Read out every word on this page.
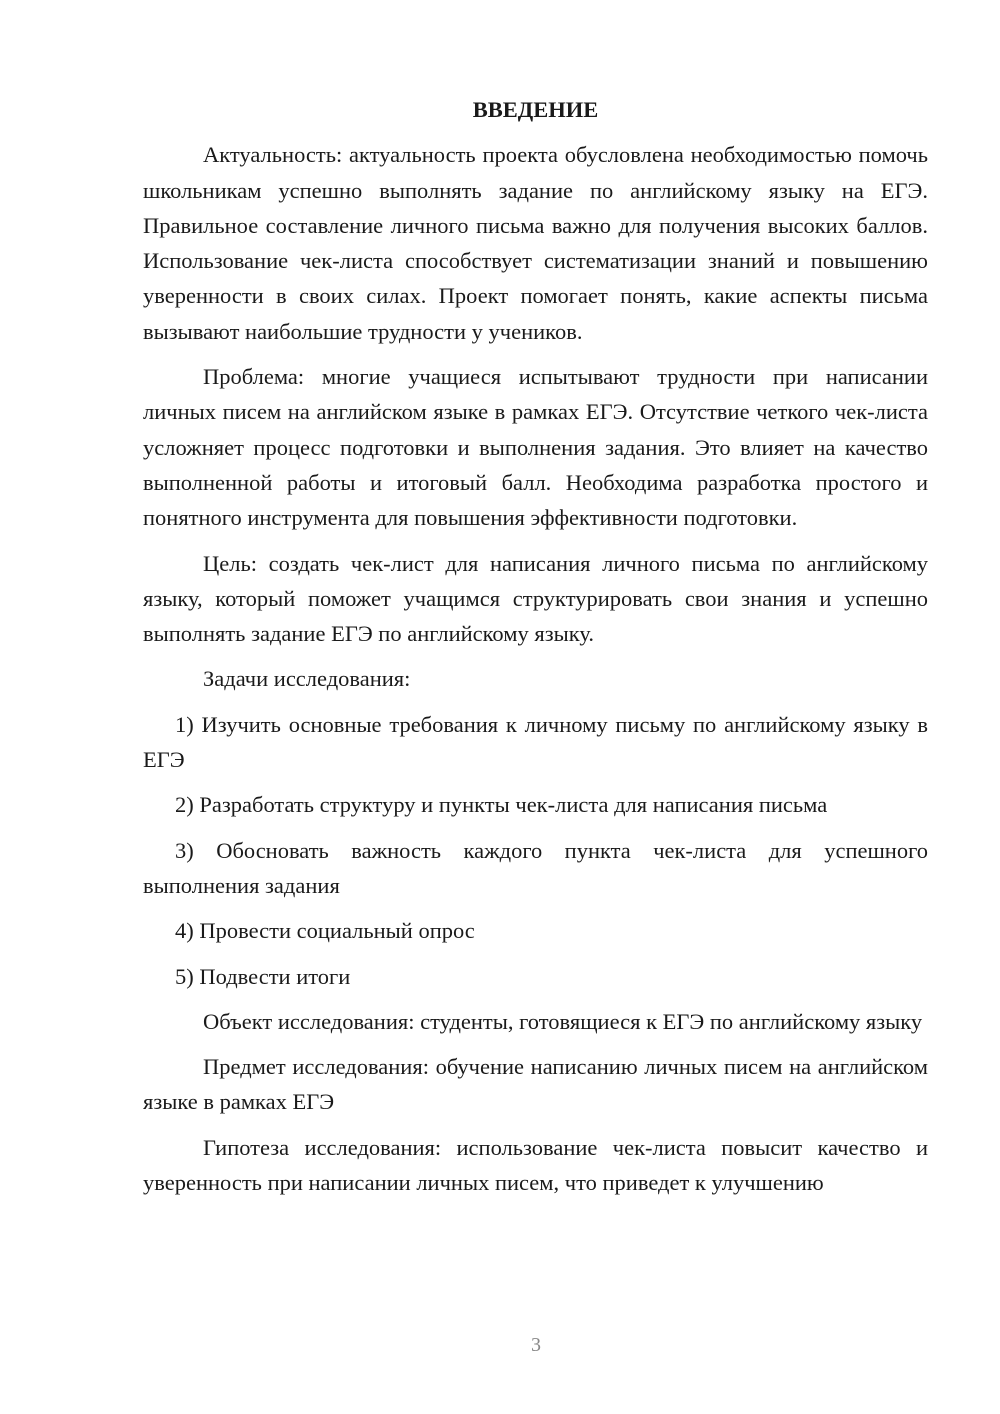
ВВЕДЕНИЕ

Актуальность: актуальность проекта обусловлена необходимостью помочь школьникам успешно выполнять задание по английскому языку на ЕГЭ. Правильное составление личного письма важно для получения высоких баллов. Использование чек-листа способствует систематизации знаний и повышению уверенности в своих силах. Проект помогает понять, какие аспекты письма вызывают наибольшие трудности у учеников.

Проблема: многие учащиеся испытывают трудности при написании личных писем на английском языке в рамках ЕГЭ. Отсутствие четкого чек-листа усложняет процесс подготовки и выполнения задания. Это влияет на качество выполненной работы и итоговый балл. Необходима разработка простого и понятного инструмента для повышения эффективности подготовки.

Цель: создать чек-лист для написания личного письма по английскому языку, который поможет учащимся структурировать свои знания и успешно выполнять задание ЕГЭ по английскому языку.

Задачи исследования:

1) Изучить основные требования к личному письму по английскому языку в ЕГЭ

2) Разработать структуру и пункты чек-листа для написания письма

3) Обосновать важность каждого пункта чек-листа для успешного выполнения задания

4) Провести социальный опрос

5) Подвести итоги

Объект исследования: студенты, готовящиеся к ЕГЭ по английскому языку

Предмет исследования: обучение написанию личных писем на английском языке в рамках ЕГЭ

Гипотеза исследования: использование чек-листа повысит качество и уверенность при написании личных писем, что приведет к улучшению

3
